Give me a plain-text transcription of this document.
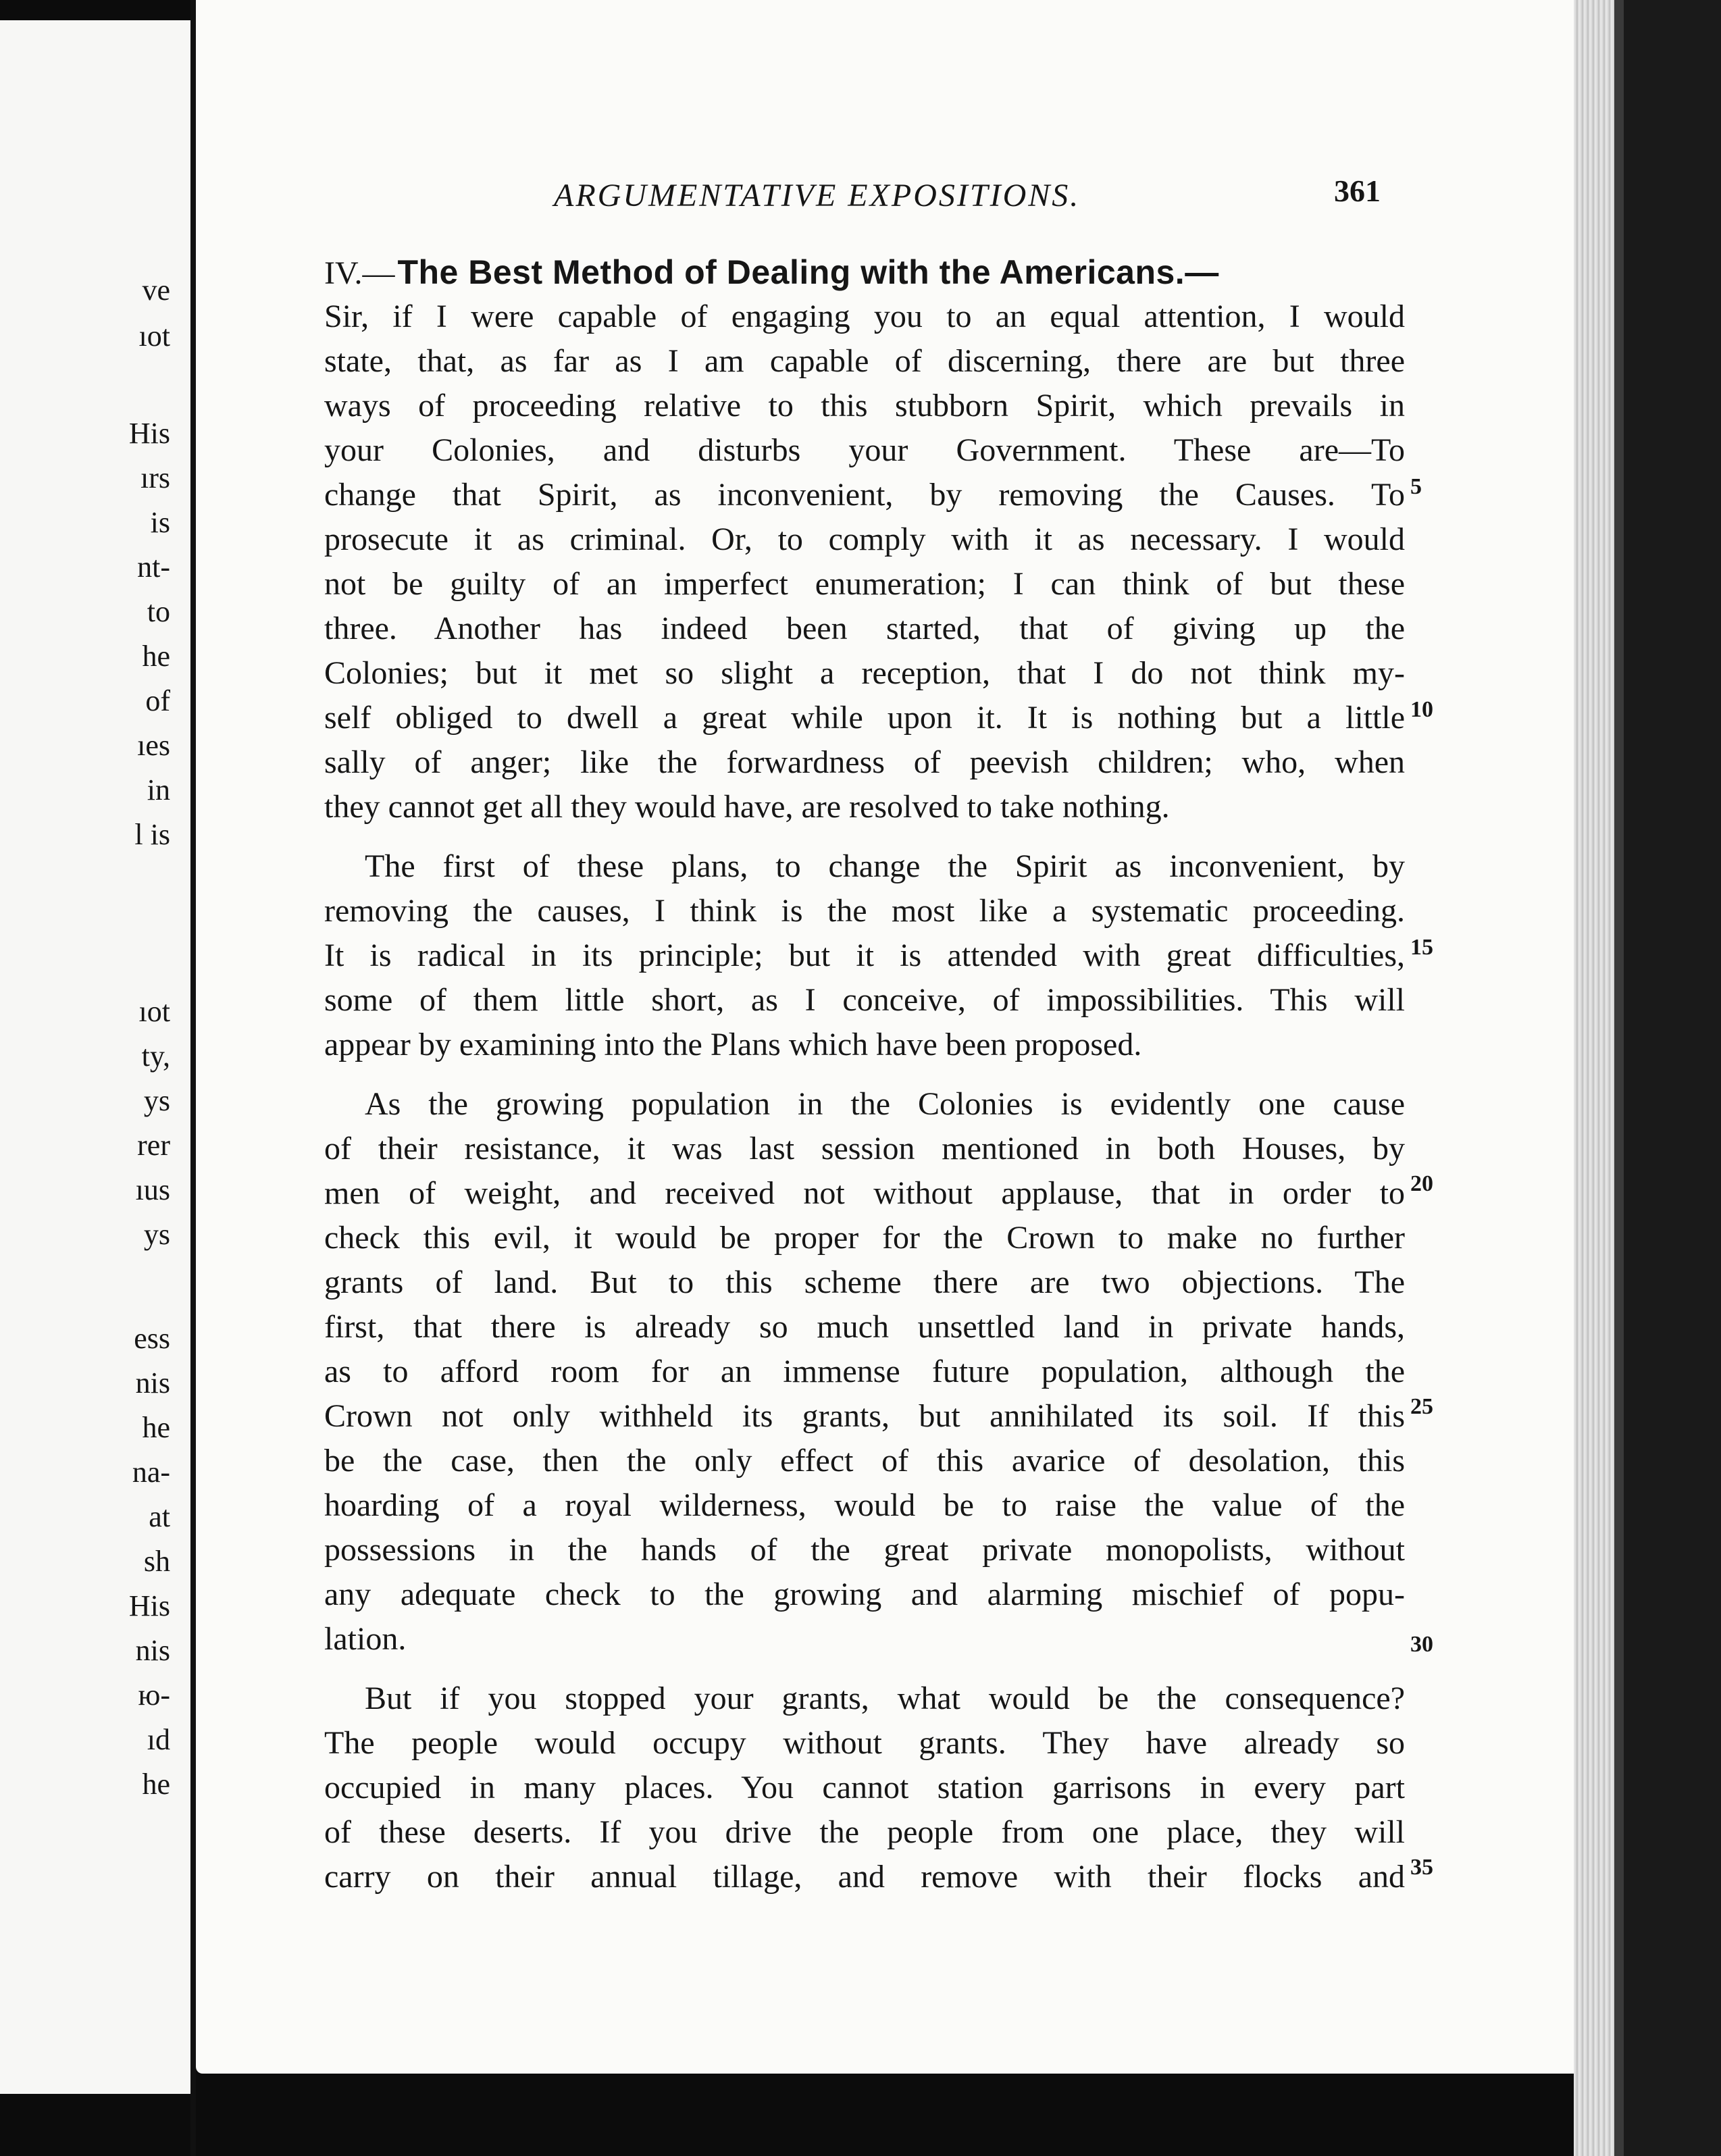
ve
ıot
His
ırs
is
nt-
to
he
of
ıes
in
l is
ıot
ty,
ys
rer
ıus
ys
ess
nis
he
na-
at
sh
His
nis
ю-
ıd
he
ARGUMENTATIVE EXPOSITIONS.	361
IV.—The Best Method of Dealing with the Americans.—
Sir, if I were capable of engaging you to an equal attention, I would
state, that, as far as I am capable of discerning, there are but three
ways of proceeding relative to this stubborn Spirit, which prevails in
your Colonies, and disturbs your Government. These are—To
change that Spirit, as inconvenient, by removing the Causes. To
prosecute it as criminal. Or, to comply with it as necessary. I would
not be guilty of an imperfect enumeration; I can think of but these
three. Another has indeed been started, that of giving up the
Colonies; but it met so slight a reception, that I do not think my-
self obliged to dwell a great while upon it. It is nothing but a little
sally of anger; like the forwardness of peevish children; who, when
they cannot get all they would have, are resolved to take nothing.
The first of these plans, to change the Spirit as inconvenient, by
removing the causes, I think is the most like a systematic proceeding.
It is radical in its principle; but it is attended with great difficulties,
some of them little short, as I conceive, of impossibilities. This will
appear by examining into the Plans which have been proposed.
As the growing population in the Colonies is evidently one cause
of their resistance, it was last session mentioned in both Houses, by
men of weight, and received not without applause, that in order to
check this evil, it would be proper for the Crown to make no further
grants of land. But to this scheme there are two objections. The
first, that there is already so much unsettled land in private hands,
as to afford room for an immense future population, although the
Crown not only withheld its grants, but annihilated its soil. If this
be the case, then the only effect of this avarice of desolation, this
hoarding of a royal wilderness, would be to raise the value of the
possessions in the hands of the great private monopolists, without
any adequate check to the growing and alarming mischief of popu-
lation.
But if you stopped your grants, what would be the consequence?
The people would occupy without grants. They have already so
occupied in many places. You cannot station garrisons in every part
of these deserts. If you drive the people from one place, they will
carry on their annual tillage, and remove with their flocks and
5
10
15
20
25
30
35
